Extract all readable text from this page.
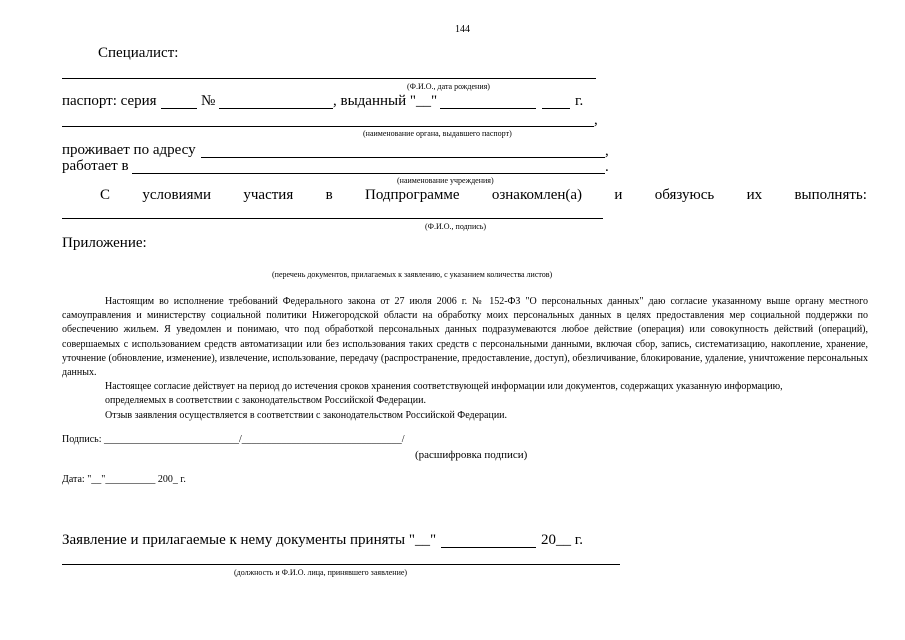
144
Специалист:
(Ф.И.О., дата рождения)
паспорт: серия	№	, выданный "__"	г.
,
(наименование органа, выдавшего паспорт)
проживает по адресу	,
работает в	.
(наименование учреждения)
С условиями участия в Подпрограмме ознакомлен(а) и обязуюсь их выполнять:
(Ф.И.О., подпись)
Приложение:
(перечень документов, прилагаемых к заявлению, с указанием количества листов)

Настоящим во исполнение требований Федерального закона от 27 июля 2006 г. № 152-ФЗ "О персональных данных" даю согласие указанному выше органу местного самоуправления и министерству социальной политики Нижегородской области на обработку моих персональных данных в целях предоставления мер социальной поддержки по обеспечению жильем. Я уведомлен и понимаю, что под обработкой персональных данных подразумеваются любое действие (операция) или совокупность действий (операций), совершаемых с использованием средств автоматизации или без использования таких средств с персональными данными, включая сбор, запись, систематизацию, накопление, хранение, уточнение (обновление, изменение), извлечение, использование, передачу (распространение, предоставление, доступ), обезличивание, блокирование, удаление, уничтожение персональных данных.

Настоящее согласие действует на период до истечения сроков хранения соответствующей информации или документов, содержащих указанную информацию,

определяемых в соответствии с законодательством Российской Федерации.

Отзыв заявления осуществляется в соответствии с законодательством Российской Федерации.

Подпись: ___________________________/________________________________/
(расшифровка подписи)
Дата: "__"__________ 200_ г.
Заявление и прилагаемые к нему документы приняты "__"	20__ г.
(должность и Ф.И.О. лица, принявшего заявление)
